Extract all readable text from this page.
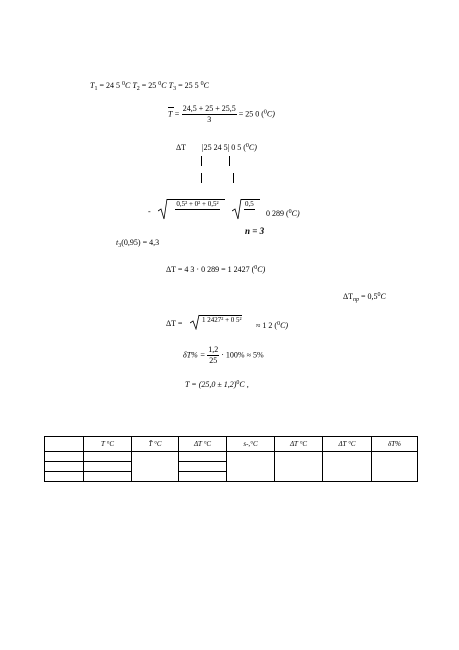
$T_1 = 24$ 5 $^0$C $T_2 = 25$ $^0$C $T_3 = 25$ 5 $^0$C
$T = \frac{24,5 + 25 + 25,5}{3} = 25$ 0 ($^0$C)
ΔT |25 24 5| 0 5 ($^0$C)
-
0,5² + 0² + 0,5²
	0,5

0 289 ($^0$C)
n = 3
$t_3(0,95) = 4,3$
ΔT = 4 3 · 0 289 = 1 2427 ($^0$C)
$\Delta T_{пр} = 0,5^0C$
ΔT =	1 2427² + 0 5²
≈ 1 2 ($^0$C)
$\delta T\% = \frac{1,2}{25} \cdot 100\% \approx 5\%$
$T = (25,0 \pm 1,2)^0C$ ,
	T °C	T̄ °C	ΔT °C	s-,°C	ΔT °C	ΔT °C	δT%
